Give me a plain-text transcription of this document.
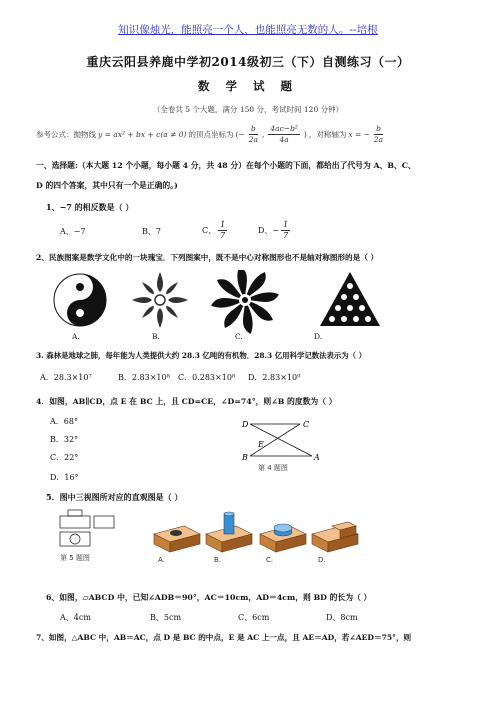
知识像烛光，能照亮一个人，也能照亮无数的人。--培根
重庆云阳县养鹿中学初2014级初三（下）自测练习（一）
数 学 试 题
（全卷共 5 个大题，满分 150 分，考试时间 120 分钟）
参考公式：抛物线 y = ax² + bx + c(a ≠ 0) 的顶点坐标为 (− $\frac{b}{2a}$ , $\frac{\text{4ac−b²}}{4a}$ ) ，对称轴为 x = − $\frac{b}{2a}$
一、选择题:（本大题 12 个小题，每小题 4 分，共 48 分）在每个小题的下面，都给出了代号为 A、B、C、
D 的四个答案，其中只有一个是正确的。)
1、−7 的相反数是（ ）
A、−7	B、7	C、 $\frac{1}{7}$	D、− $\frac{1}{7}$
2、民族图案是数学文化中的一块瑰宝．下列图案中，既不是中心对称图形也不是轴对称图形的是（ ）
A.	B.	C.	D.
3. 森林是地球之肺，每年能为人类提供大约 28.3 亿吨的有机物．28.3 亿用科学记数法表示为（ ）
A．28.3×10⁷	B．2.83×10⁸ C．0.283×10⁸ D．2.83×10⁹
4．如图，AB∥CD，点 E 在 BC 上，且 CD=CE，∠D=74°，则∠B 的度数为（ ）
A．68°
B．32°
C．22°
D．16°
D	C
E
B	A
第 4 题图
5．图中三视图所对应的直观图是（ ）
第 5 题图	A.	B.	C.	D.
6、如图，▱ABCD 中，已知∠ADB＝90°，AC＝10cm，AD＝4cm，则 BD 的长为（ ）
A、4cm	B、5cm	C、6cm	D、8cm
7、如图，△ABC 中，AB＝AC，点 D 是 BC 的中点，E 是 AC 上一点，且 AE＝AD，若∠AED＝75°，则
